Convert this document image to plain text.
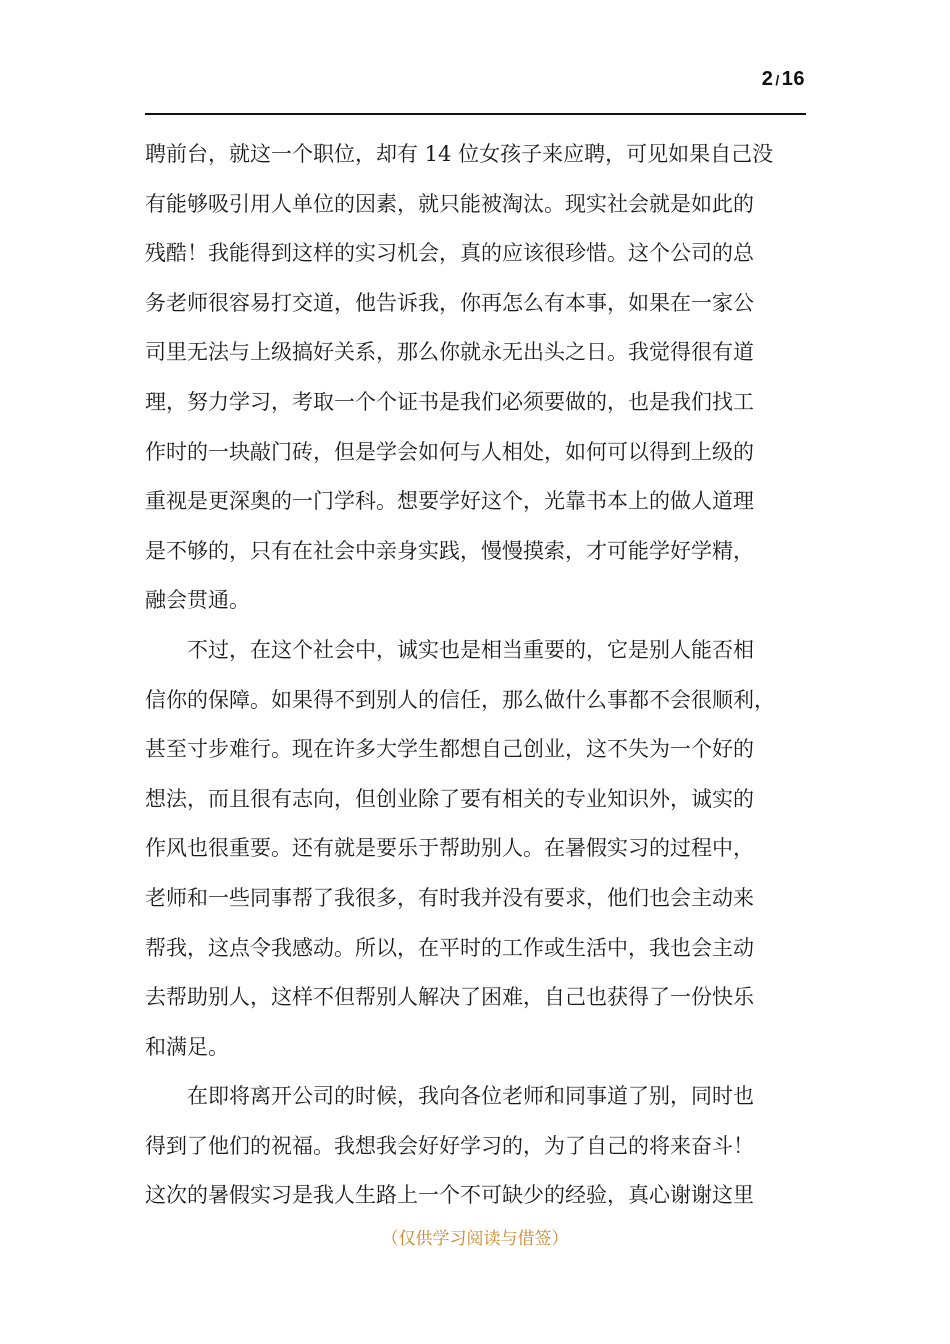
2 / 16
聘前台，就这一个职位，却有 14 位女孩子来应聘，可见如果自己没
有能够吸引用人单位的因素，就只能被淘汰。现实社会就是如此的
残酷！我能得到这样的实习机会，真的应该很珍惜。这个公司的总
务老师很容易打交道，他告诉我，你再怎么有本事，如果在一家公
司里无法与上级搞好关系，那么你就永无出头之日。我觉得很有道
理，努力学习，考取一个个证书是我们必须要做的，也是我们找工
作时的一块敲门砖，但是学会如何与人相处，如何可以得到上级的
重视是更深奥的一门学科。想要学好这个，光靠书本上的做人道理
是不够的，只有在社会中亲身实践，慢慢摸索，才可能学好学精，
融会贯通。
　　不过，在这个社会中，诚实也是相当重要的，它是别人能否相
信你的保障。如果得不到别人的信任，那么做什么事都不会很顺利，
甚至寸步难行。现在许多大学生都想自己创业，这不失为一个好的
想法，而且很有志向，但创业除了要有相关的专业知识外，诚实的
作风也很重要。还有就是要乐于帮助别人。在暑假实习的过程中，
老师和一些同事帮了我很多，有时我并没有要求，他们也会主动来
帮我，这点令我感动。所以，在平时的工作或生活中，我也会主动
去帮助别人，这样不但帮别人解决了困难，自己也获得了一份快乐
和满足。
　　在即将离开公司的时候，我向各位老师和同事道了别，同时也
得到了他们的祝福。我想我会好好学习的，为了自己的将来奋斗！
这次的暑假实习是我人生路上一个不可缺少的经验，真心谢谢这里
（仅供学习阅读与借签）
